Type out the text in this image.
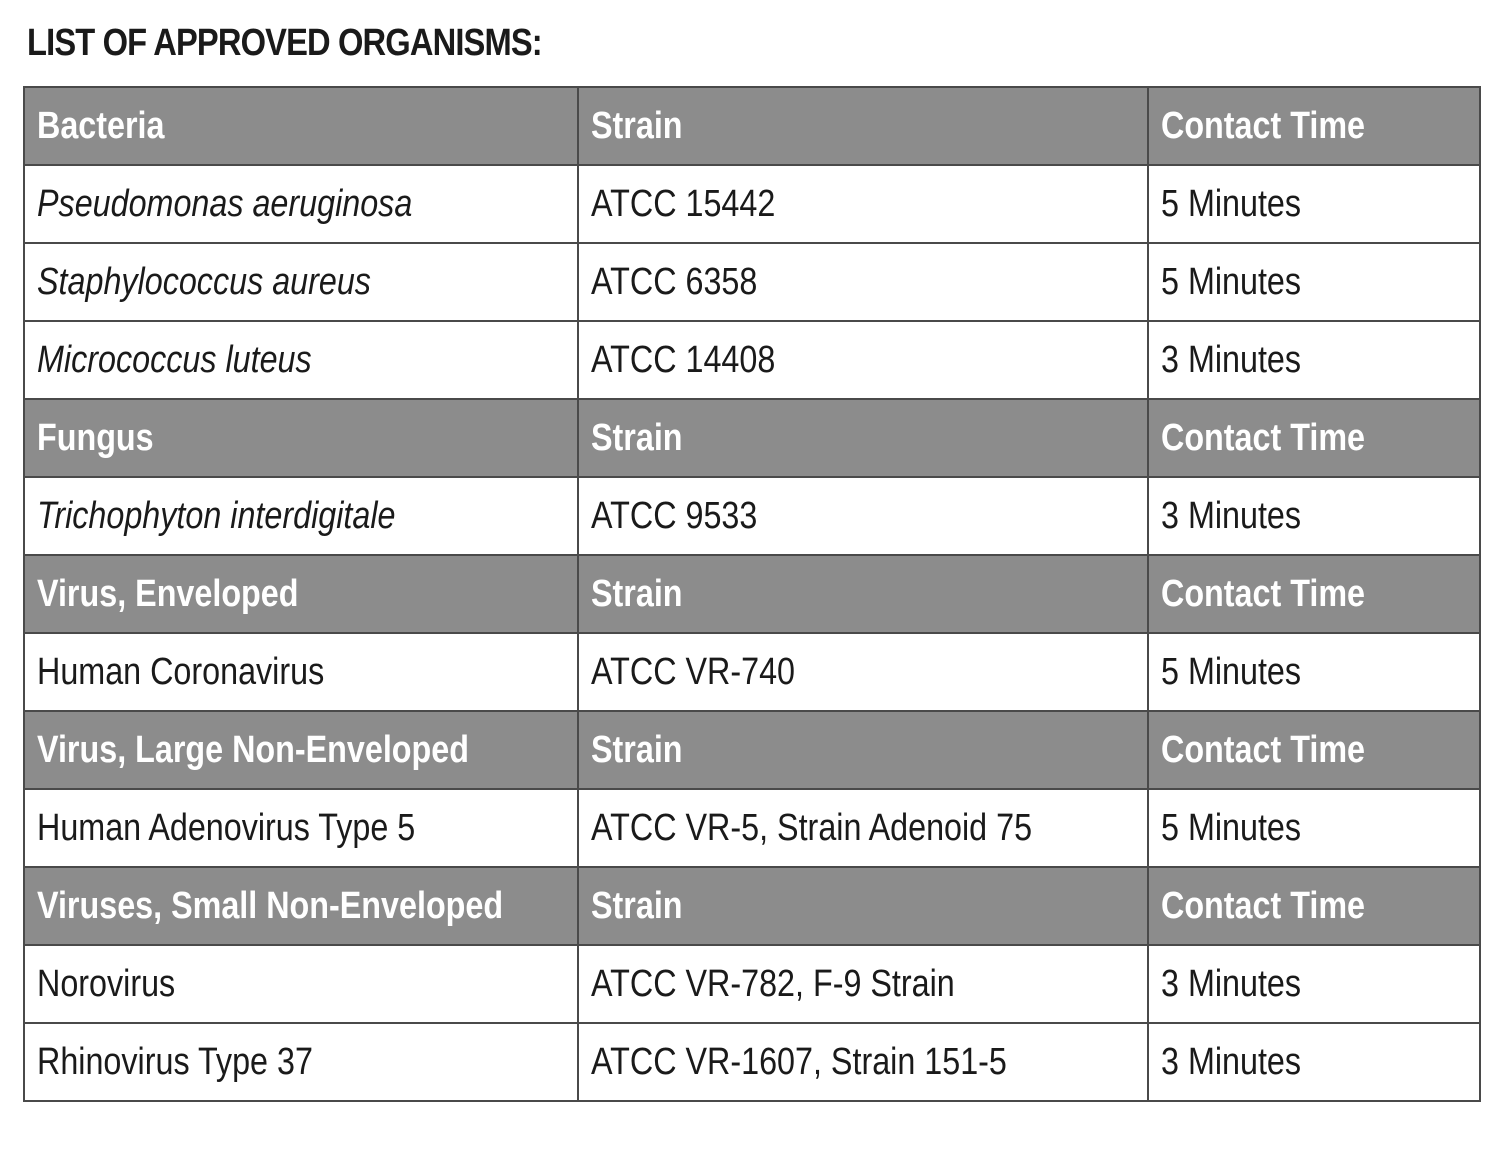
LIST OF APPROVED ORGANISMS:
Bacteria	Strain	Contact Time
Pseudomonas aeruginosa	ATCC 15442	5 Minutes
Staphylococcus aureus	ATCC 6358	5 Minutes
Micrococcus luteus	ATCC 14408	3 Minutes
Fungus	Strain	Contact Time
Trichophyton interdigitale	ATCC 9533	3 Minutes
Virus, Enveloped	Strain	Contact Time
Human Coronavirus	ATCC VR-740	5 Minutes
Virus, Large Non-Enveloped	Strain	Contact Time
Human Adenovirus Type 5	ATCC VR-5, Strain Adenoid 75	5 Minutes
Viruses, Small Non-Enveloped	Strain	Contact Time
Norovirus	ATCC VR-782, F-9 Strain	3 Minutes
Rhinovirus Type 37	ATCC VR-1607, Strain 151-5	3 Minutes
